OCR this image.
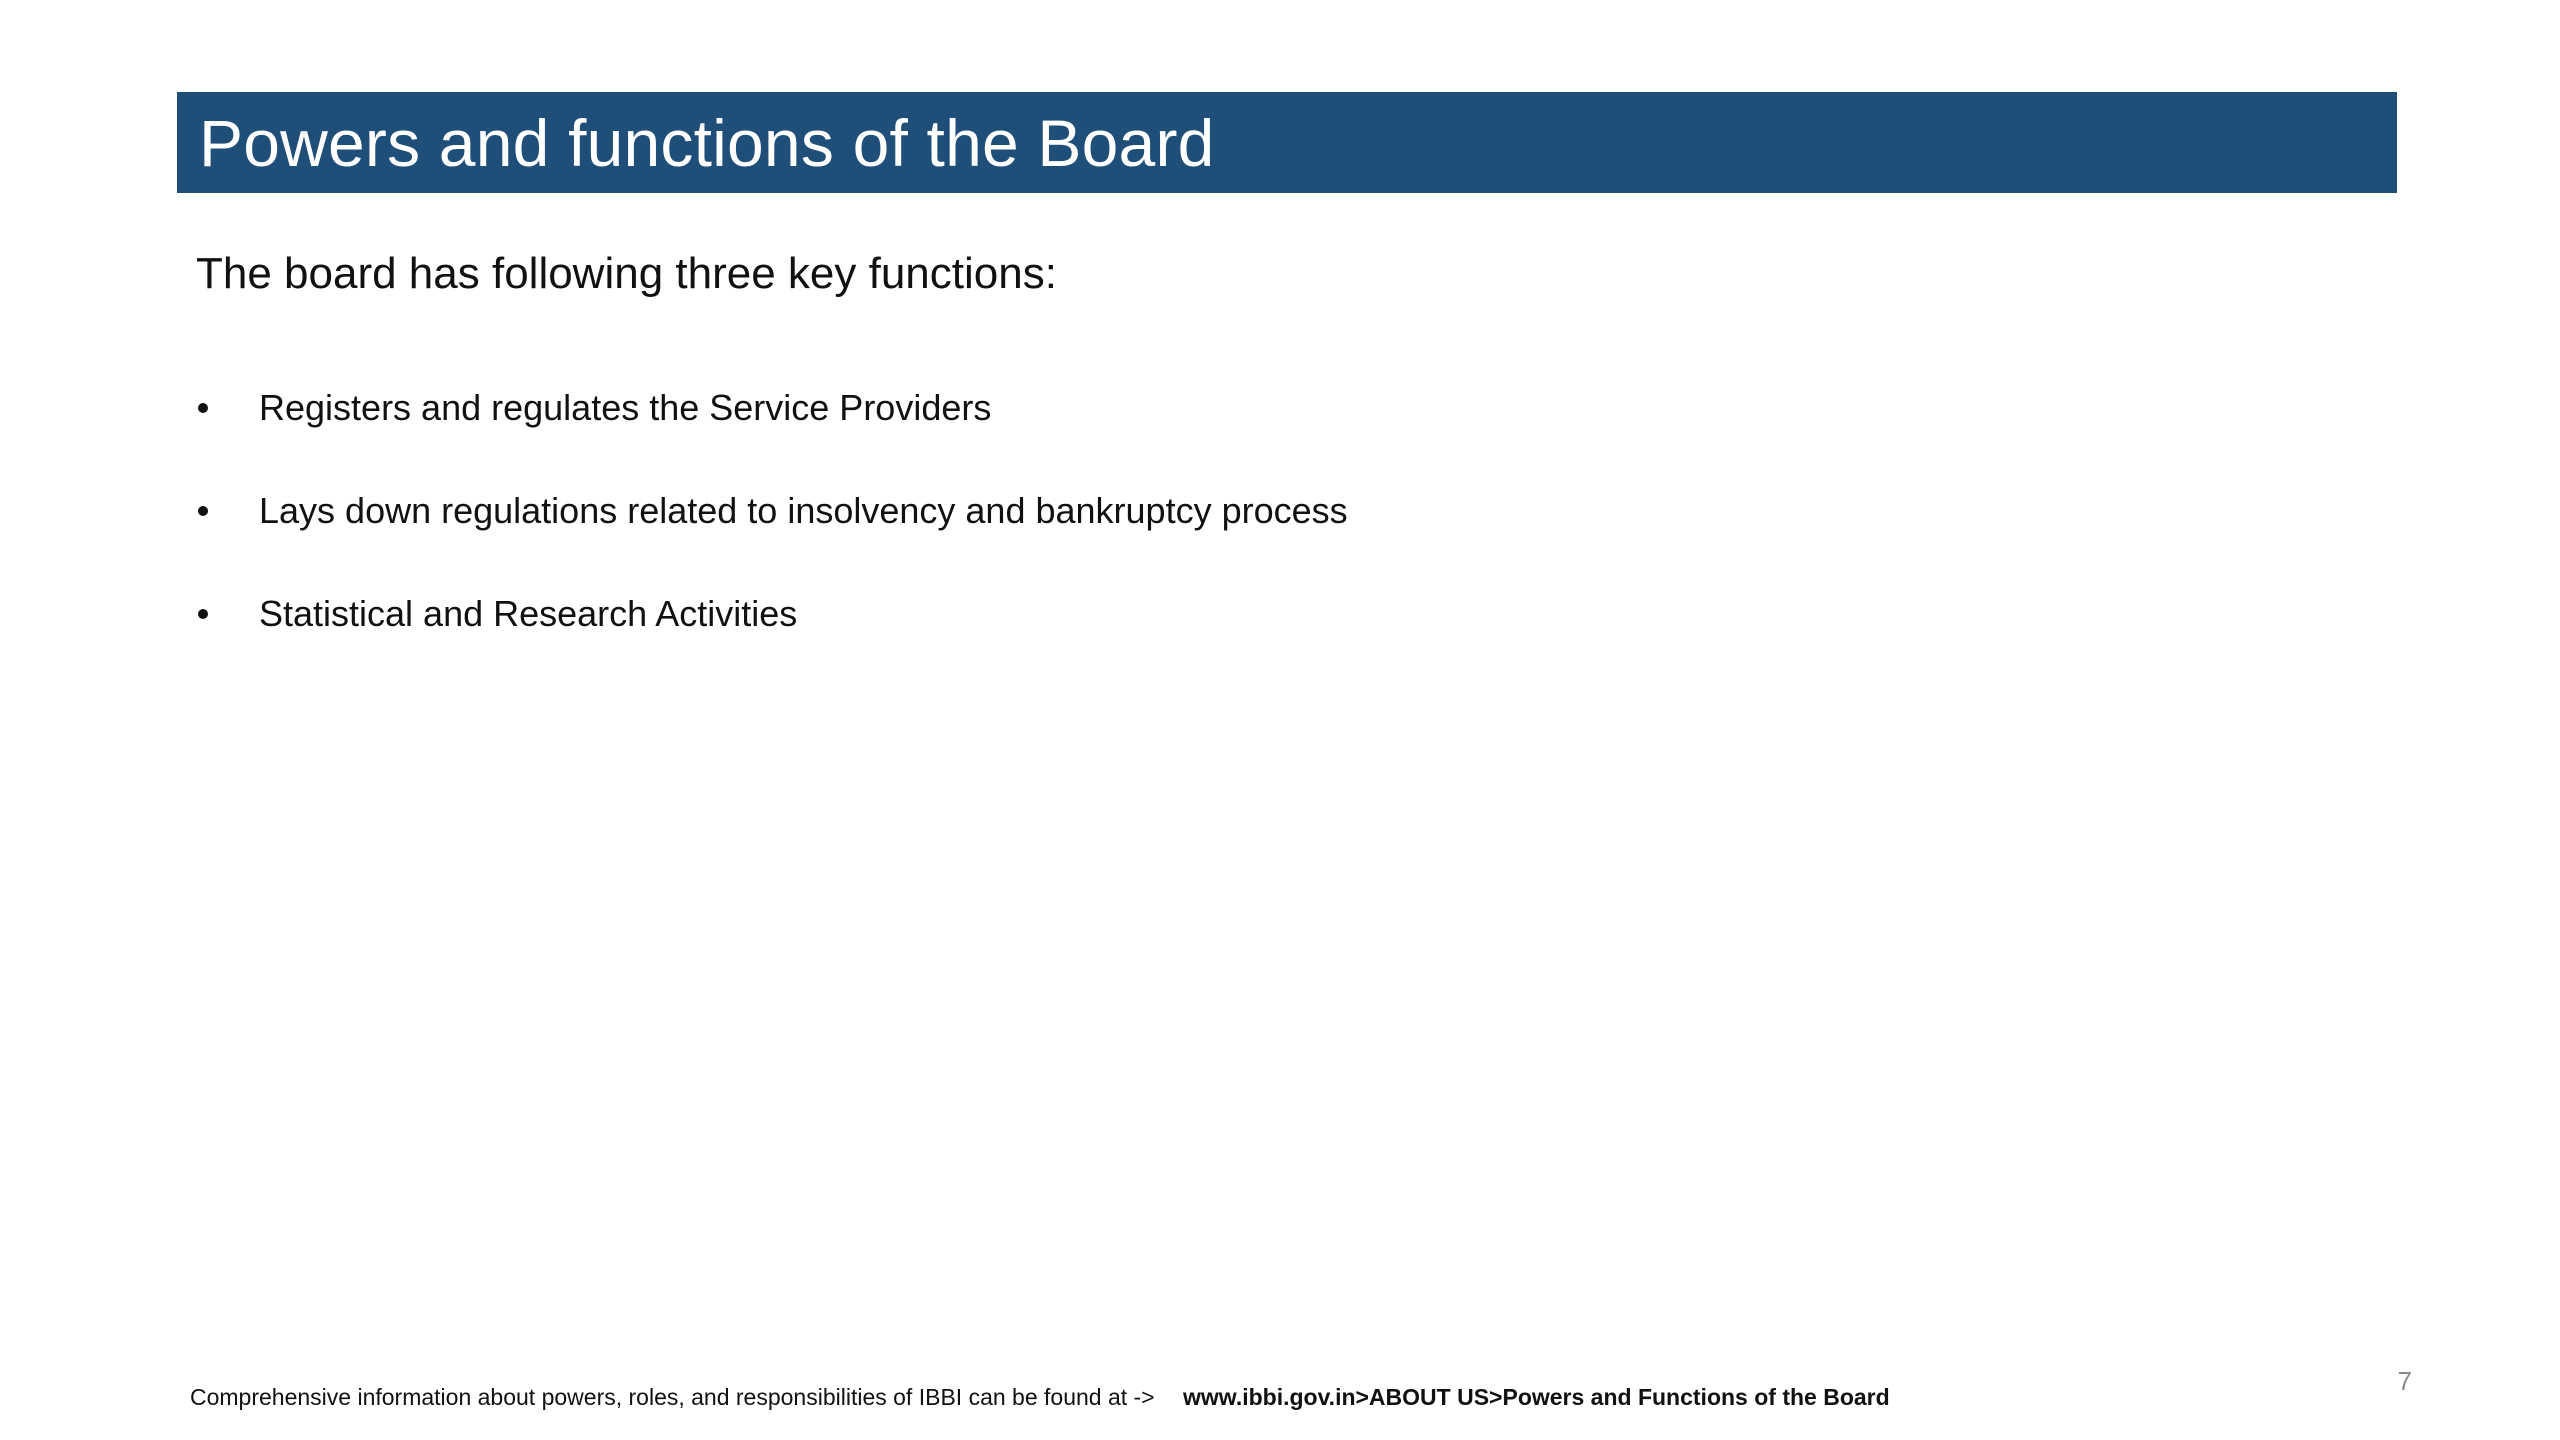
Powers and functions of the Board
The board has following three key functions:
Registers and regulates the Service Providers
Lays down regulations related to insolvency and bankruptcy process
Statistical and Research Activities
Comprehensive information about powers, roles, and responsibilities of IBBI can be found at -> www.ibbi.gov.in>ABOUT US>Powers and Functions of the Board
7
